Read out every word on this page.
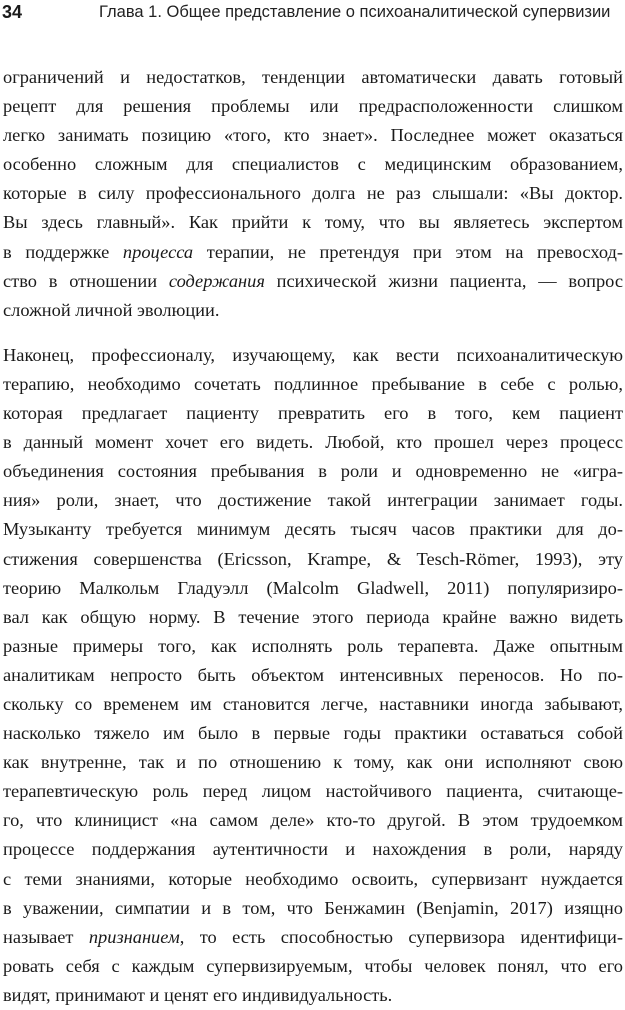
34	Глава 1. Общее представление о психоаналитической супервизии

ограничений и недостатков, тенденции автоматически давать готовый
рецепт для решения проблемы или предрасположенности слишком
легко занимать позицию «того, кто знает». Последнее может оказаться
особенно сложным для специалистов с медицинским образованием,
которые в силу профессионального долга не раз слышали: «Вы доктор.
Вы здесь главный». Как прийти к тому, что вы являетесь экспертом
в поддержке процесса терапии, не претендуя при этом на превосход-
ство в отношении содержания психической жизни пациента, — вопрос
сложной личной эволюции.

Наконец, профессионалу, изучающему, как вести психоаналитическую
терапию, необходимо сочетать подлинное пребывание в себе с ролью,
которая предлагает пациенту превратить его в того, кем пациент
в данный момент хочет его видеть. Любой, кто прошел через процесс
объединения состояния пребывания в роли и одновременно не «игра-
ния» роли, знает, что достижение такой интеграции занимает годы.
Музыканту требуется минимум десять тысяч часов практики для до-
стижения совершенства (Ericsson, Krampe, & Tesch-Römer, 1993), эту
теорию Малкольм Гладуэлл (Malcolm Gladwell, 2011) популяризиро-
вал как общую норму. В течение этого периода крайне важно видеть
разные примеры того, как исполнять роль терапевта. Даже опытным
аналитикам непросто быть объектом интенсивных переносов. Но по-
скольку со временем им становится легче, наставники иногда забывают,
насколько тяжело им было в первые годы практики оставаться собой
как внутренне, так и по отношению к тому, как они исполняют свою
терапевтическую роль перед лицом настойчивого пациента, считающе-
го, что клиницист «на самом деле» кто-то другой. В этом трудоемком
процессе поддержания аутентичности и нахождения в роли, наряду
с теми знаниями, которые необходимо освоить, супервизант нуждается
в уважении, симпатии и в том, что Бенжамин (Benjamin, 2017) изящно
называет признанием, то есть способностью супервизора идентифици-
ровать себя с каждым супервизируемым, чтобы человек понял, что его
видят, принимают и ценят его индивидуальность.
